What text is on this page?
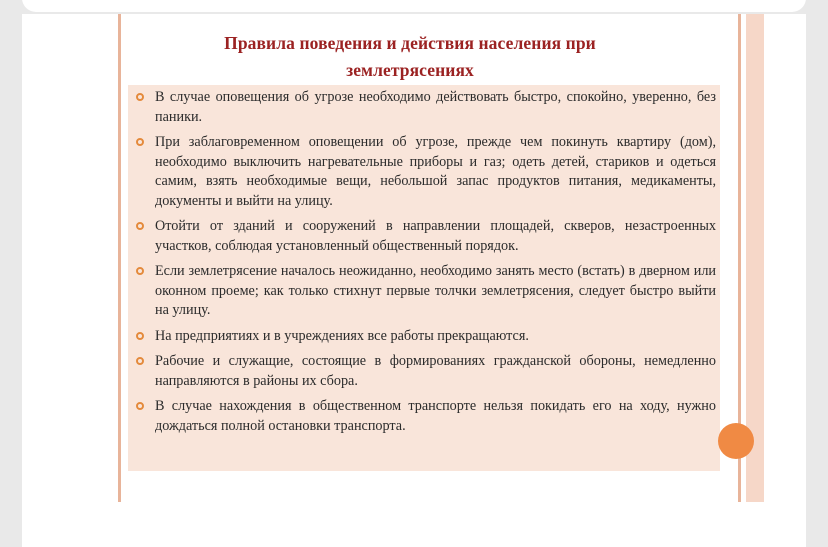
Правила поведения и действия населения при
землетрясениях
В случае оповещения об угрозе необходимо действовать быстро, спокойно, уверенно, без паники.
При заблаговременном оповещении об угрозе, прежде чем покинуть квартиру (дом), необходимо выключить нагревательные приборы и газ; одеть детей, стариков и одеться самим, взять необходимые вещи, небольшой запас продуктов питания, медикаменты, документы и выйти на улицу.
Отойти от зданий и сооружений в направлении площадей, скверов, незастроенных участков, соблюдая установленный общественный порядок.
Если землетрясение началось неожиданно, необходимо занять место (встать) в дверном или оконном проеме; как только стихнут первые толчки землетрясения, следует быстро выйти на улицу.
На предприятиях и в учреждениях все работы прекращаются.
Рабочие и служащие, состоящие в формированиях гражданской обороны, немедленно направляются в районы их сбора.
В случае нахождения в общественном транспорте нельзя покидать его на ходу, нужно дождаться полной остановки транспорта.
